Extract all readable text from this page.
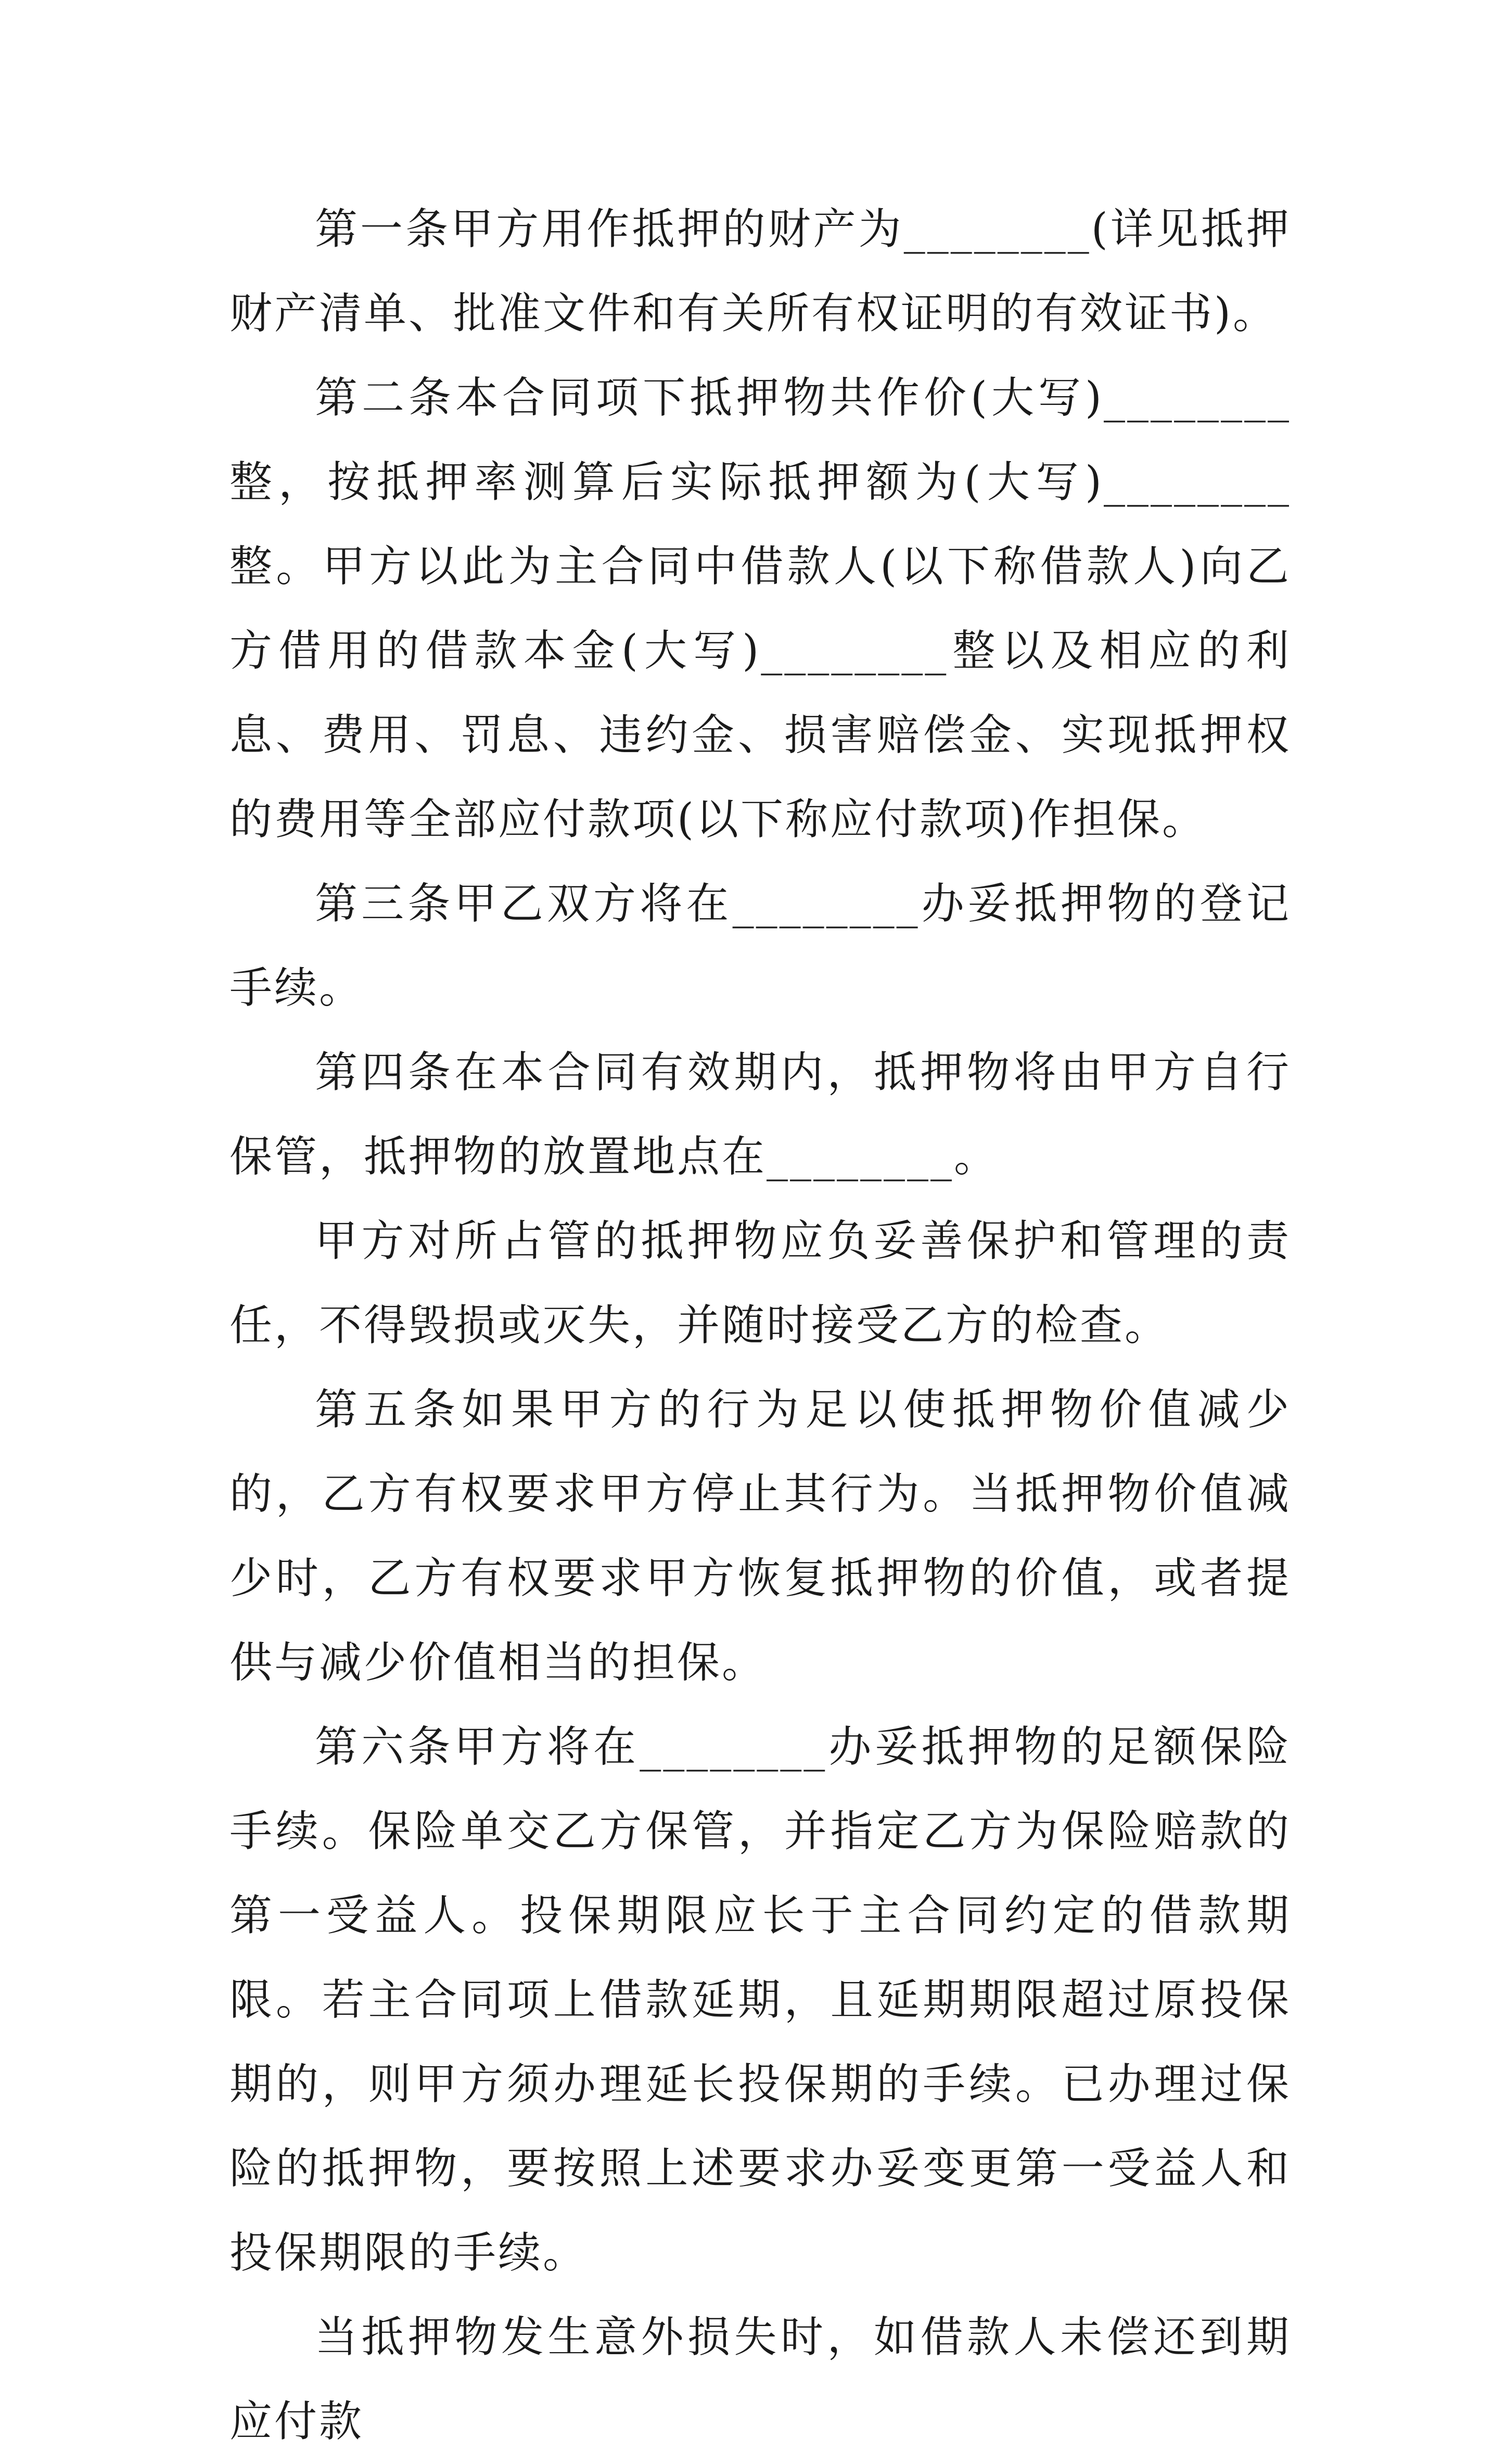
第一条甲方用作抵押的财产为________(详见抵押财产清单、批准文件和有关所有权证明的有效证书)。

第二条本合同项下抵押物共作价(大写)________整，按抵押率测算后实际抵押额为(大写)________整。甲方以此为主合同中借款人(以下称借款人)向乙方借用的借款本金(大写)________整以及相应的利息、费用、罚息、违约金、损害赔偿金、实现抵押权的费用等全部应付款项(以下称应付款项)作担保。

第三条甲乙双方将在________办妥抵押物的登记手续。

第四条在本合同有效期内，抵押物将由甲方自行保管，抵押物的放置地点在________。

甲方对所占管的抵押物应负妥善保护和管理的责任，不得毁损或灭失，并随时接受乙方的检查。

第五条如果甲方的行为足以使抵押物价值减少的，乙方有权要求甲方停止其行为。当抵押物价值减少时，乙方有权要求甲方恢复抵押物的价值，或者提供与减少价值相当的担保。

第六条甲方将在________办妥抵押物的足额保险手续。保险单交乙方保管，并指定乙方为保险赔款的第一受益人。投保期限应长于主合同约定的借款期限。若主合同项上借款延期，且延期期限超过原投保期的，则甲方须办理延长投保期的手续。已办理过保险的抵押物，要按照上述要求办妥变更第一受益人和投保期限的手续。

当抵押物发生意外损失时，如借款人未偿还到期应付款
